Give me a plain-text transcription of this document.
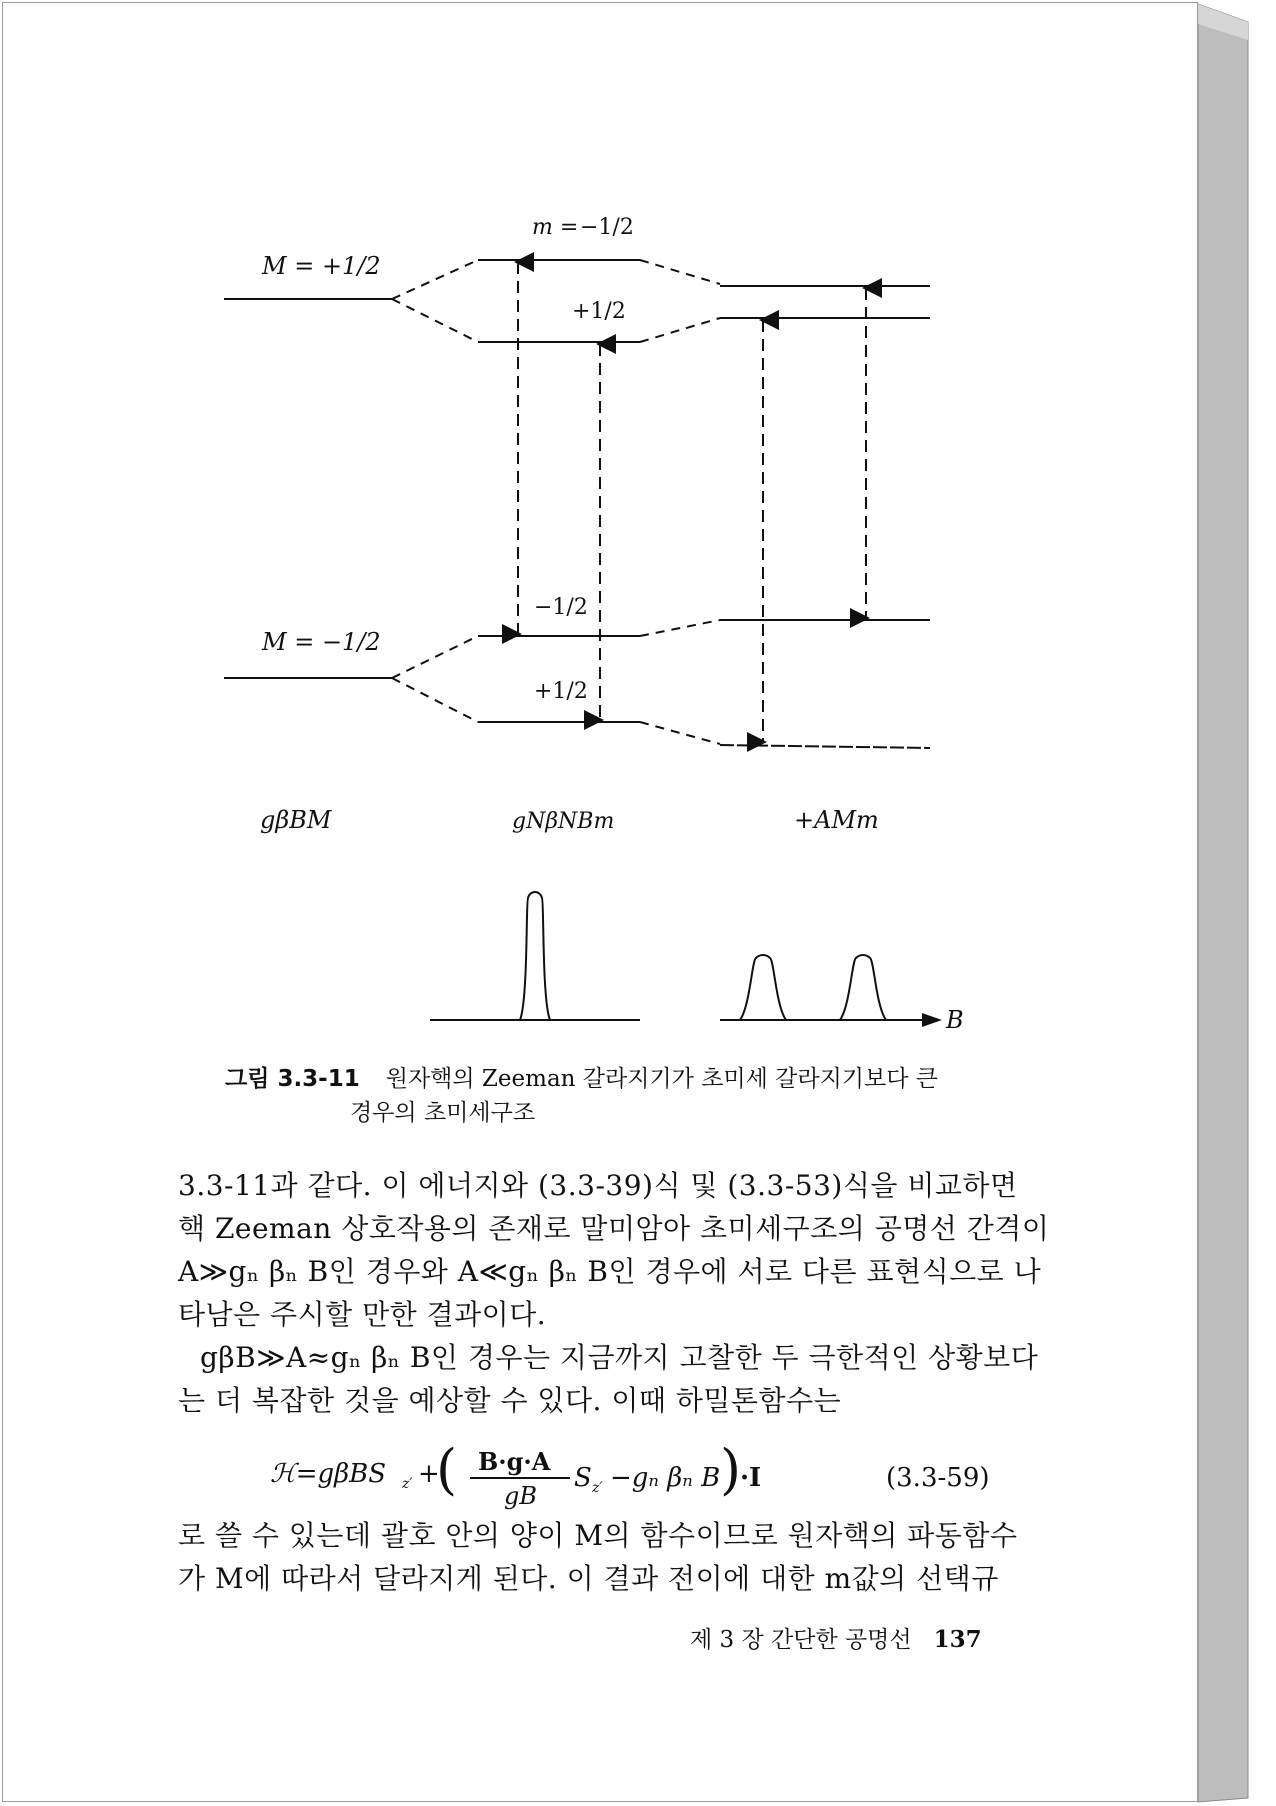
M = +1/2
M = −1/2
m = −1/2
+1/2
−1/2
+1/2
gβBM	gNβNBm	+AMm
B
그림 3.3-11 원자핵의 Zeeman 갈라지기가 초미세 갈라지기보다 큰
경우의 초미세구조
3.3-11과 같다. 이 에너지와 (3.3-39)식 및 (3.3-53)식을 비교하면
핵 Zeeman 상호작용의 존재로 말미암아 초미세구조의 공명선 간격이
A≫gₙ βₙ B인 경우와 A≪gₙ βₙ B인 경우에 서로 다른 표현식으로 나
타남은 주시할 만한 결과이다.
gβB≫A≈gₙ βₙ B인 경우는 지금까지 고찰한 두 극한적인 상황보다
는 더 복잡한 것을 예상할 수 있다. 이때 하밀톤함수는
ℋ=gβBS z′ +
( B·g·A
gB
S z′ −gₙ βₙ B )
·I	(3.3-59)
로 쓸 수 있는데 괄호 안의 양이 M의 함수이므로 원자핵의 파동함수
가 M에 따라서 달라지게 된다. 이 결과 전이에 대한 m값의 선택규
제 3 장 간단한 공명선 137
